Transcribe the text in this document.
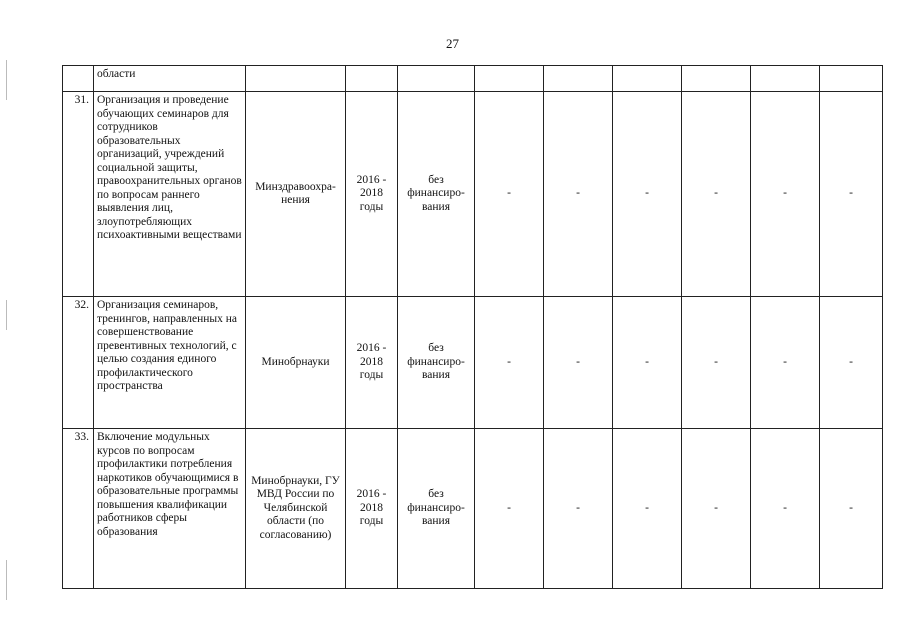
27
	области									
31.	Организация и проведение обучающих семинаров для сотрудников образовательных организаций, учреждений социальной защиты, правоохранительных органов по вопросам раннего выявления лиц, злоупотребляющих психоактивными веществами	Минздравоохра-нения	2016 - 2018 годы	без финансиро-вания	-	-	-	-	-	-
32.	Организация семинаров, тренингов, направленных на совершенствование превентивных технологий, с целью создания единого профилактического пространства	Минобрнауки	2016 - 2018 годы	без финансиро-вания	-	-	-	-	-	-
33.	Включение модульных курсов по вопросам профилактики потребления наркотиков обучающимися в образовательные программы повышения квалификации работников сферы образования	Минобрнауки, ГУ МВД России по Челябинской области (по согласованию)	2016 - 2018 годы	без финансиро-вания	-	-	-	-	-	-
